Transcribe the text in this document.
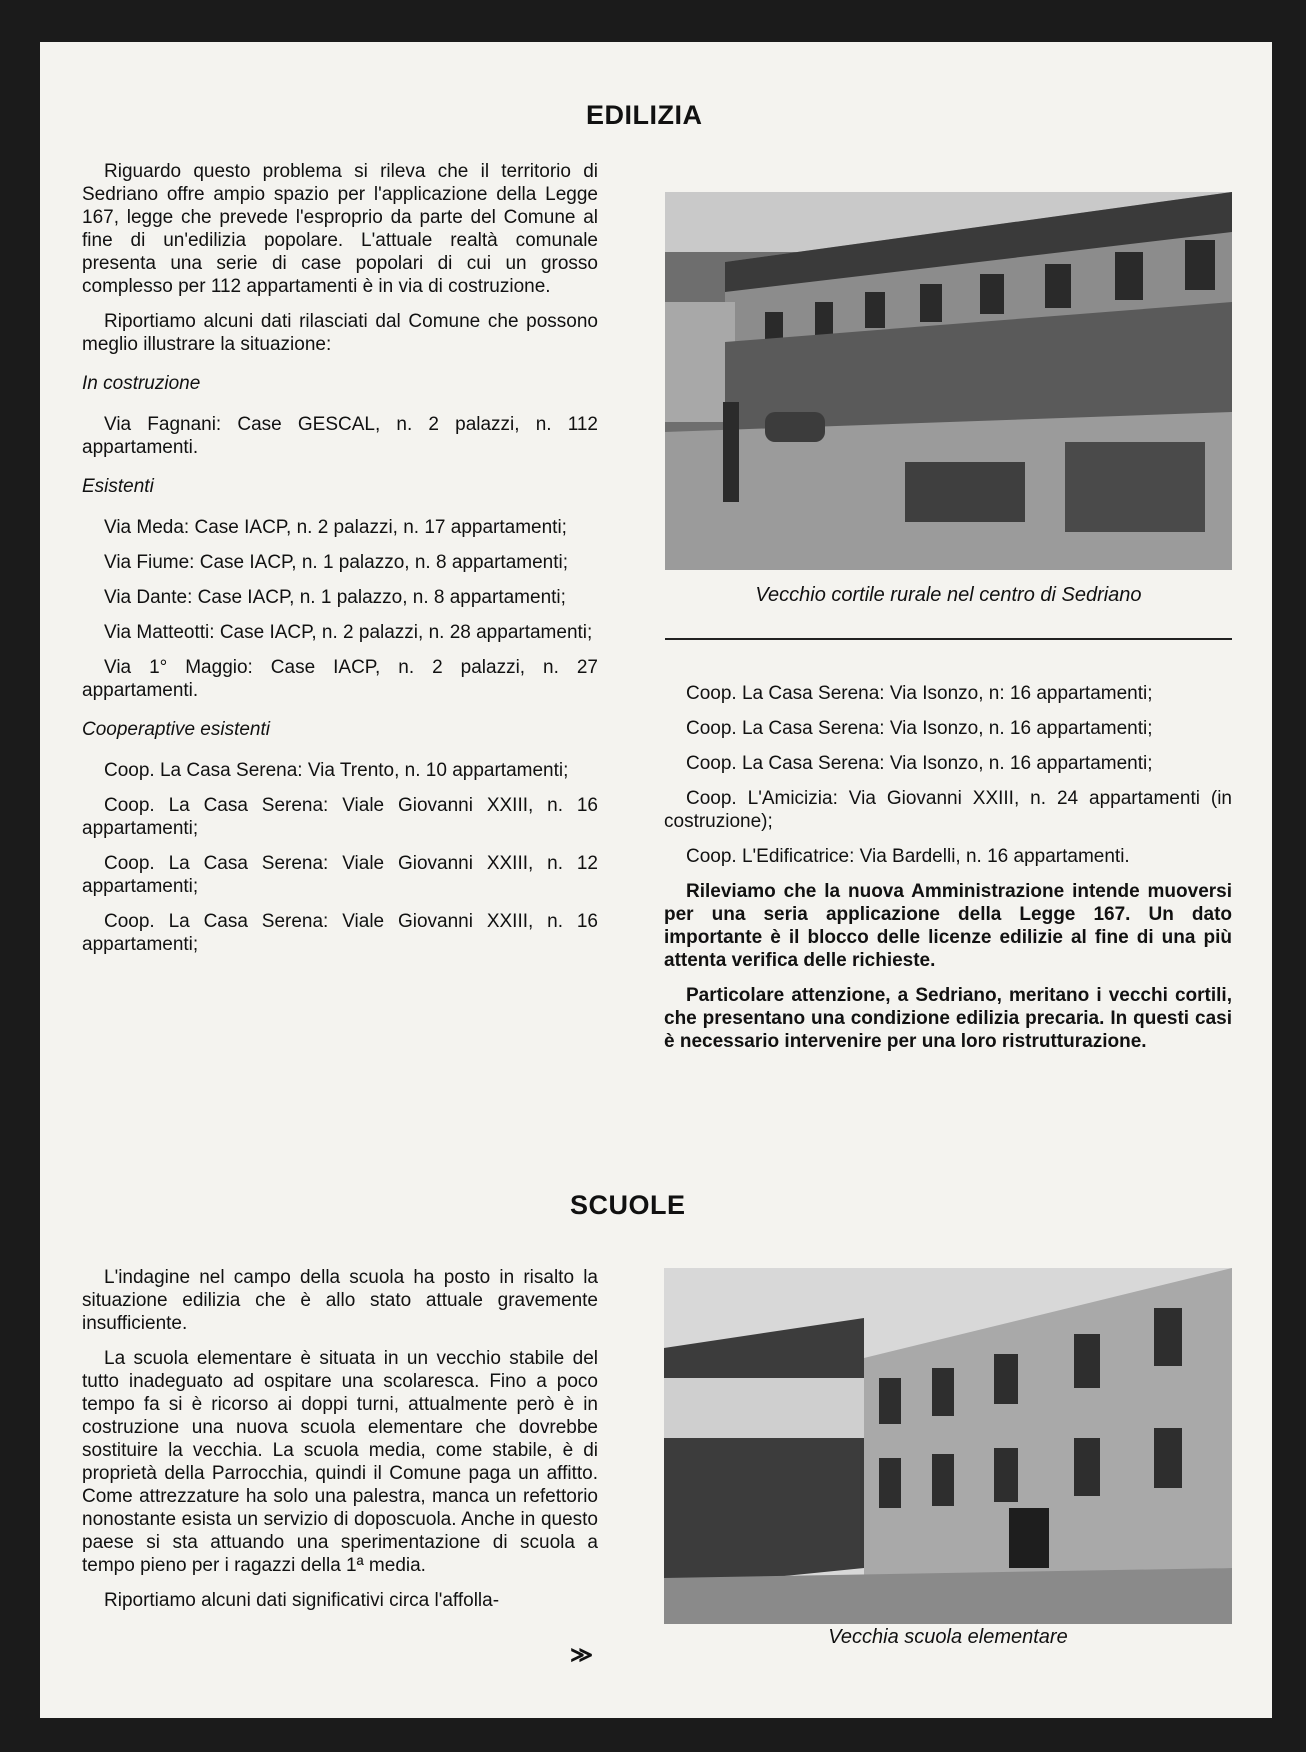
EDILIZIA

Riguardo questo problema si rileva che il territorio di Sedriano offre ampio spazio per l'applicazione della Legge 167, legge che prevede l'esproprio da parte del Comune al fine di un'edilizia popolare. L'attuale realtà comunale presenta una serie di case popolari di cui un grosso complesso per 112 appartamenti è in via di costruzione.

Riportiamo alcuni dati rilasciati dal Comune che possono meglio illustrare la situazione:

In costruzione

Via Fagnani: Case GESCAL, n. 2 palazzi, n. 112 appartamenti.

Esistenti

Via Meda: Case IACP, n. 2 palazzi, n. 17 appartamenti;

Via Fiume: Case IACP, n. 1 palazzo, n. 8 appartamenti;

Via Dante: Case IACP, n. 1 palazzo, n. 8 appartamenti;

Via Matteotti: Case IACP, n. 2 palazzi, n. 28 appartamenti;

Via 1° Maggio: Case IACP, n. 2 palazzi, n. 27 appartamenti.

Cooperaptive esistenti

Coop. La Casa Serena: Via Trento, n. 10 appartamenti;

Coop. La Casa Serena: Viale Giovanni XXIII, n. 16 appartamenti;

Coop. La Casa Serena: Viale Giovanni XXIII, n. 12 appartamenti;

Coop. La Casa Serena: Viale Giovanni XXIII, n. 16 appartamenti;

Vecchio cortile rurale nel centro di Sedriano

Coop. La Casa Serena: Via Isonzo, n: 16 appartamenti;

Coop. La Casa Serena: Via Isonzo, n. 16 appartamenti;

Coop. La Casa Serena: Via Isonzo, n. 16 appartamenti;

Coop. L'Amicizia: Via Giovanni XXIII, n. 24 appartamenti (in costruzione);

Coop. L'Edificatrice: Via Bardelli, n. 16 appartamenti.

Rileviamo che la nuova Amministrazione intende muoversi per una seria applicazione della Legge 167. Un dato importante è il blocco delle licenze edilizie al fine di una più attenta verifica delle richieste.

Particolare attenzione, a Sedriano, meritano i vecchi cortili, che presentano una condizione edilizia precaria. In questi casi è necessario intervenire per una loro ristrutturazione.

SCUOLE

L'indagine nel campo della scuola ha posto in risalto la situazione edilizia che è allo stato attuale gravemente insufficiente.

La scuola elementare è situata in un vecchio stabile del tutto inadeguato ad ospitare una scolaresca. Fino a poco tempo fa si è ricorso ai doppi turni, attualmente però è in costruzione una nuova scuola elementare che dovrebbe sostituire la vecchia. La scuola media, come stabile, è di proprietà della Parrocchia, quindi il Comune paga un affitto. Come attrezzature ha solo una palestra, manca un refettorio nonostante esista un servizio di doposcuola. Anche in questo paese si sta attuando una sperimentazione di scuola a tempo pieno per i ragazzi della 1ª media.

Riportiamo alcuni dati significativi circa l'affolla-

≫
Vecchia scuola elementare
